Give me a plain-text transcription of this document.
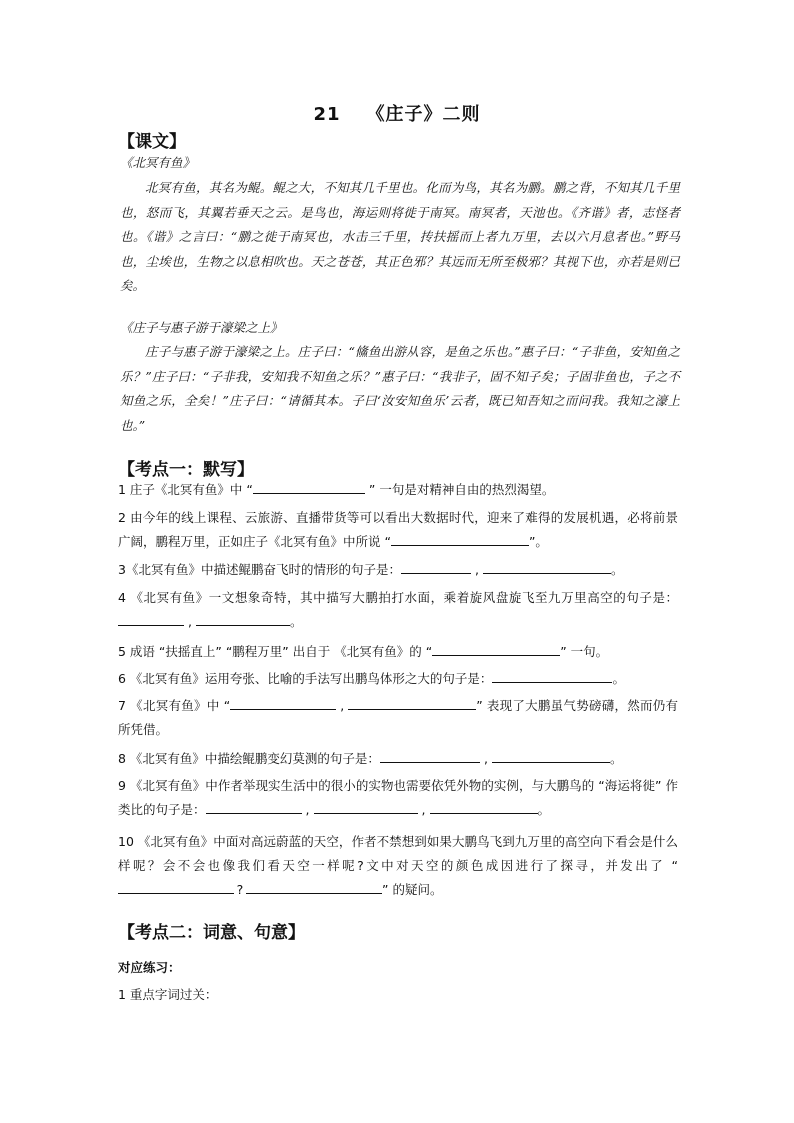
21 《庄子》二则
【课文】
《北冥有鱼》
北冥有鱼，其名为鲲。鲲之大，不知其几千里也。化而为鸟，其名为鹏。鹏之背，不知其几千里也，怒而飞，其翼若垂天之云。是鸟也，海运则将徙于南冥。南冥者，天池也。《齐谐》者，志怪者也。《谐》之言曰：“鹏之徙于南冥也，水击三千里，抟扶摇而上者九万里，去以六月息者也。”野马也，尘埃也，生物之以息相吹也。天之苍苍，其正色邪？其远而无所至极邪？其视下也，亦若是则已矣。
《庄子与惠子游于濠梁之上》
庄子与惠子游于濠梁之上。庄子曰：“鯈鱼出游从容，是鱼之乐也。”惠子曰：“子非鱼，安知鱼之乐？”庄子曰：“子非我，安知我不知鱼之乐？”惠子曰：“我非子，固不知子矣；子固非鱼也，子之不知鱼之乐，全矣！”庄子曰：“请循其本。子曰‘汝安知鱼乐’云者，既已知吾知之而问我。我知之濠上也。”
【考点一：默写】
1 庄子《北冥有鱼》中 “	” 一句是对精神自由的热烈渴望。
2 由今年的线上课程、云旅游、直播带货等可以看出大数据时代，迎来了难得的发展机遇，必将前景广阔，鹏程万里，正如庄子《北冥有鱼》中所说 “	”。
3《北冥有鱼》中描述鲲鹏奋飞时的情形的句子是：	,	。
4 《北冥有鱼》一文想象奇特，其中描写大鹏拍打水面，乘着旋风盘旋飞至九万里高空的句子是：,	。
5 成语 “扶摇直上” “鹏程万里” 出自于 《北冥有鱼》的 “	” 一句。
6 《北冥有鱼》运用夸张、比喻的手法写出鹏鸟体形之大的句子是：	。
7 《北冥有鱼》中 “	,	” 表现了大鹏虽气势磅礴，然而仍有所凭借。
8 《北冥有鱼》中描绘鲲鹏变幻莫测的句子是：	,	。
9 《北冥有鱼》中作者举现实生活中的很小的实物也需要依凭外物的实例，与大鹏鸟的 “海运将徙” 作类比的句子是：	,	,	。
10 《北冥有鱼》中面对高远蔚蓝的天空，作者不禁想到如果大鹏鸟飞到九万里的高空向下看会是什么样呢？会不会也像我们看天空一样呢?文中对天空的颜色成因进行了探寻，并发出了 “?	” 的疑问。
【考点二：词意、句意】
对应练习：
1 重点字词过关：
